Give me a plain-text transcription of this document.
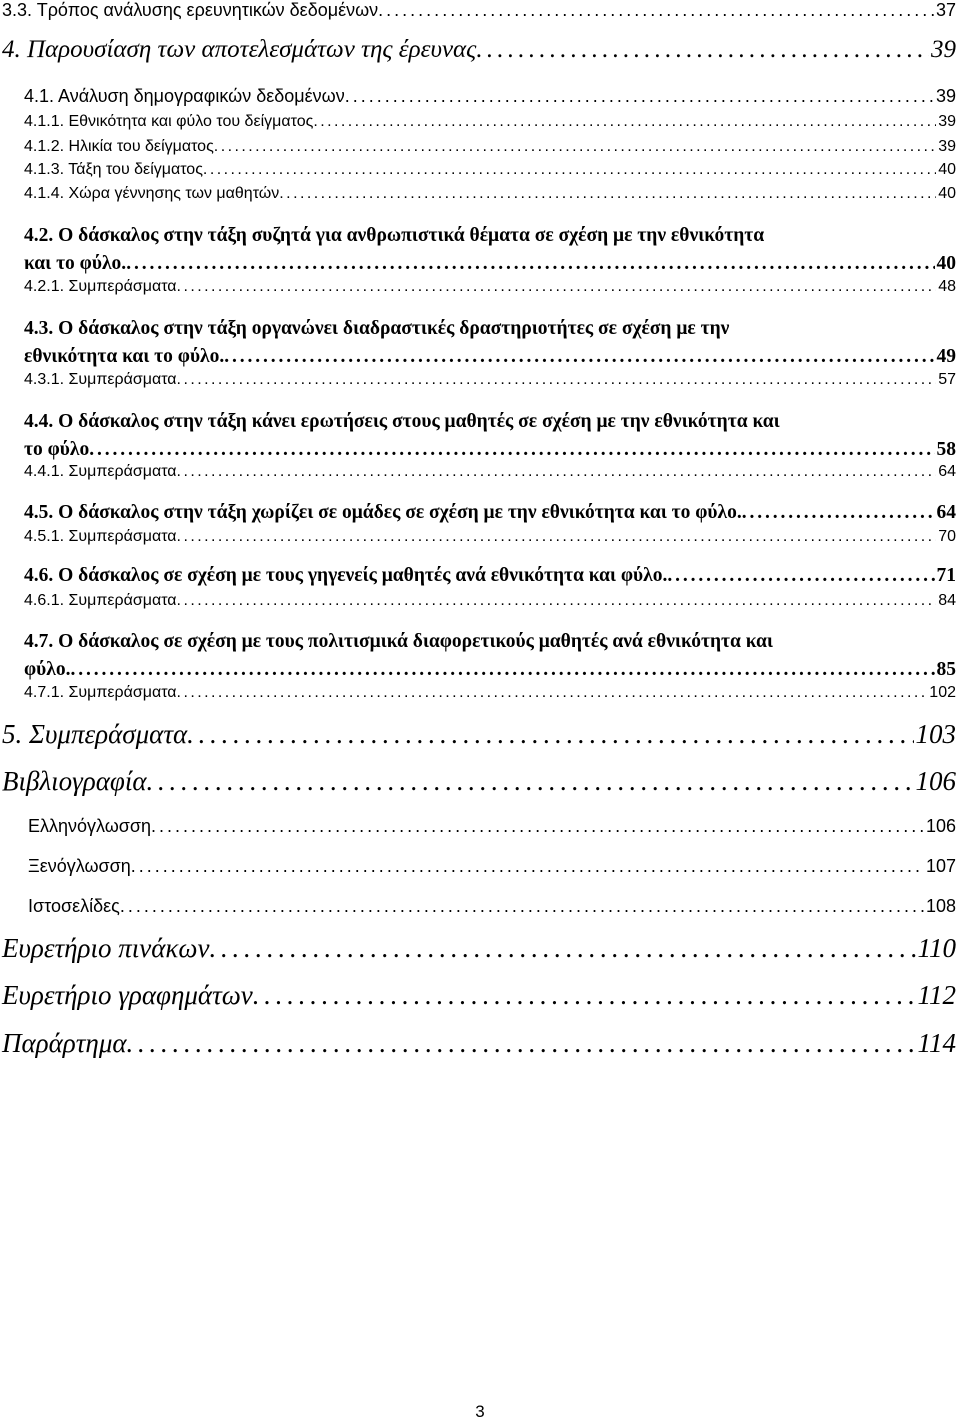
3.3. Τρόπος ανάλυσης ερευνητικών δεδομένων . . .	37
4. Παρουσίαση των αποτελεσμάτων της έρευνας . . .	39
4.1. Ανάλυση δημογραφικών δεδομένων . . .	39
4.1.1. Εθνικότητα και φύλο του δείγματος . . .	39
4.1.2. Ηλικία του δείγματος . . .	39
4.1.3. Τάξη του δείγματος . . .	40
4.1.4. Χώρα γέννησης των μαθητών . . .	40
4.2. Ο δάσκαλος στην τάξη συζητά για ανθρωπιστικά θέματα σε σχέση με την εθνικότητα
και το φύλο. . . .	40
4.2.1. Συμπεράσματα . . .	48
4.3. Ο δάσκαλος στην τάξη οργανώνει διαδραστικές δραστηριοτήτες σε σχέση με την
εθνικότητα και το φύλο. . . .	49
4.3.1. Συμπεράσματα . . .	57
4.4. Ο δάσκαλος στην τάξη κάνει ερωτήσεις στους μαθητές σε σχέση με την εθνικότητα και
το φύλο . . .	58
4.4.1. Συμπεράσματα . . .	64
4.5. Ο δάσκαλος στην τάξη χωρίζει σε ομάδες σε σχέση με την εθνικότητα και το φύλο. . . .	64
4.5.1. Συμπεράσματα . . .	70
4.6. Ο δάσκαλος σε σχέση με τους γηγενείς μαθητές ανά εθνικότητα και φύλο. . . .	71
4.6.1. Συμπεράσματα . . .	84
4.7. Ο δάσκαλος σε σχέση με τους πολιτισμικά διαφορετικούς μαθητές ανά εθνικότητα και
φύλο. . . .	85
4.7.1. Συμπεράσματα . . .	102
5. Συμπεράσματα . . .	103
Βιβλιογραφία . . .	106
Ελληνόγλωσση . . .	106
Ξενόγλωσση . . .	107
Ιστοσελίδες . . .	108
Ευρετήριο πινάκων . . .	110
Ευρετήριο γραφημάτων . . .	112
Παράρτημα . . .	114
3
